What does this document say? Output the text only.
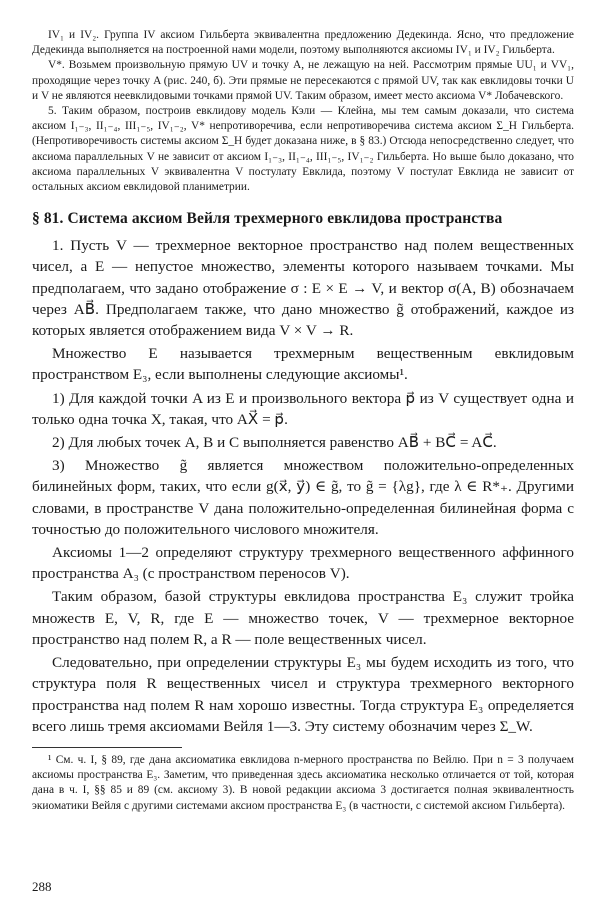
IV₁ и IV₂. Группа IV аксиом Гильберта эквивалентна предложению Дедекинда. Ясно, что предложение Дедекинда выполняется на построенной нами модели, поэтому выполняются аксиомы IV₁ и IV₂ Гильберта.

V*. Возьмем произвольную прямую UV и точку A, не лежащую на ней. Рассмотрим прямые UU₁ и VV₁, проходящие через точку A (рис. 240, б). Эти прямые не пересекаются с прямой UV, так как евклидовы точки U и V не являются неевклидовыми точками прямой UV. Таким образом, имеет место аксиома V* Лобачевского.

5. Таким образом, построив евклидову модель Кэли — Клейна, мы тем самым доказали, что система аксиом I₁₋₃, II₁₋₄, III₁₋₅, IV₁₋₂, V* непротиворечива, если непротиворечива система аксиом Σ_H Гильберта. (Непротиворечивость системы аксиом Σ_H будет доказана ниже, в § 83.) Отсюда непосредственно следует, что аксиома параллельных V не зависит от аксиом I₁₋₃, II₁₋₄, III₁₋₅, IV₁₋₂ Гильберта. Но выше было доказано, что аксиома параллельных V эквивалентна V постулату Евклида, поэтому V постулат Евклида не зависит от остальных аксиом евклидовой планиметрии.

§ 81. Система аксиом Вейля трехмерного евклидова пространства

1. Пусть V — трехмерное векторное пространство над полем вещественных чисел, а E — непустое множество, элементы которого называем точками. Мы предполагаем, что задано отображение σ : E × E → V, и вектор σ(A, B) обозначаем через AB⃗. Предполагаем также, что дано множество g̃ отображений, каждое из которых является отображением вида V × V → R.

Множество E называется трехмерным вещественным евклидовым пространством E₃, если выполнены следующие аксиомы¹.

1) Для каждой точки A из E и произвольного вектора p⃗ из V существует одна и только одна точка X, такая, что AX⃗ = p⃗.

2) Для любых точек A, B и C выполняется равенство AB⃗ + BC⃗ = AC⃗.

3) Множество g̃ является множеством положительно-определенных билинейных форм, таких, что если g(x⃗, y⃗) ∈ g̃, то g̃ = {λg}, где λ ∈ R*₊. Другими словами, в пространстве V дана положительно-определенная билинейная форма с точностью до положительного числового множителя.

Аксиомы 1—2 определяют структуру трехмерного вещественного аффинного пространства A₃ (с пространством переносов V).

Таким образом, базой структуры евклидова пространства E₃ служит тройка множеств E, V, R, где E — множество точек, V — трехмерное векторное пространство над полем R, а R — поле вещественных чисел.

Следовательно, при определении структуры E₃ мы будем исходить из того, что структура поля R вещественных чисел и структура трехмерного векторного пространства над полем R нам хорошо известны. Тогда структура E₃ определяется всего лишь тремя аксиомами Вейля 1—3. Эту систему обозначим через Σ_W.

¹ См. ч. I, § 89, где дана аксиоматика евклидова n-мерного пространства по Вейлю. При n = 3 получаем аксиомы пространства E₃. Заметим, что приведенная здесь аксиоматика несколько отличается от той, которая дана в ч. I, §§ 85 и 89 (см. аксиому 3). В новой редакции аксиома 3 достигается полная эквивалентность экиоматики Вейля с другими системами аксиом пространства E₃ (в частности, с системой аксиом Гильберта).

288
